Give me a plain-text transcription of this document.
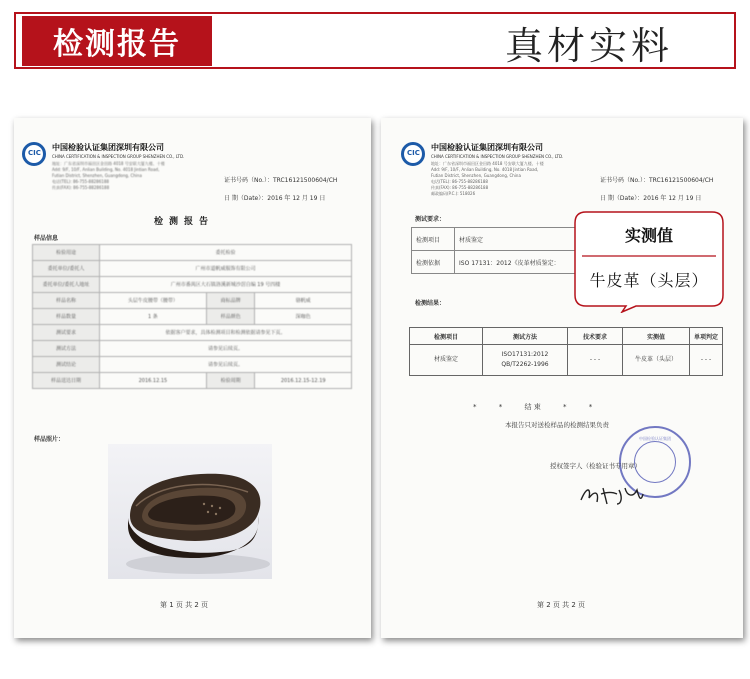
检测报告	真材实料
CIC
中国检验认证集团深圳有限公司
CHINA CERTIFICATION & INSPECTION GROUP SHENZHEN CO., LTD.
地址：广东省深圳市福田区金田路 4018 号安联大厦九楼、十楼
Add: 9/F, 10/F, Anlian Building, No. 4018 Jintian Road,
Futian District, Shenzhen, Guangdong, China
电话(TEL): 86-755-88286188
传真(FAX): 86-755-88286188
证书号码（No.）：TRC16121500604/CH
日 期（Date）：2016 年 12 月 19 日
检测报告
样品信息
检验用途	委托检验		
委托单位/委托人	广州市道帆威服饰有限公司		
委托单位/委托人地址	广州市番禺区大石镇洛溪新城沙滘自编 19 号四楼		
样品名称	头层牛皮腰带（腰带）	商标品牌	骆帆威
样品数量	1 条	样品颜色	深咖色
测试要求	依据客户要求，具体检测项目和检测依据请参见下页。		
测试方法	请参见后续页。		
测试结论	请参见后续页。		
样品送达日期	2016.12.15	检验周期	2016.12.15-12.19
样品照片：
第 1 页 共 2 页
CIC
中国检验认证集团深圳有限公司
CHINA CERTIFICATION & INSPECTION GROUP SHENZHEN CO., LTD.
地址：广东省深圳市福田区金田路 4018 号安联大厦九楼、十楼
Add: 9/F, 10/F, Anlian Building, No. 4018 Jintian Road,
Futian District, Shenzhen, Guangdong, China
电话(TEL): 86-755-88286188
传真(FAX): 86-755-88286188
邮政编码(P.C.): 518026
证书号码（No.）：TRC16121500604/CH
日 期（Date）：2016 年 12 月 19 日
测试要求：
检测项目	材质鉴定
检测依据	ISO 17131：2012《皮革材质鉴定：
检测结果：
检测项目	测试方法	技术要求	实测值	单项判定
材质鉴定	ISO17131:2012
QB/T2262-1996	- - -	牛皮革（头层）	- - -
*          *          结 束          *          *
本报告只对送检样品的检测结果负责
中国检验认证集团
授权签字人（检验证书专用章）
第 2 页 共 2 页
实测值
牛皮革（头层）
